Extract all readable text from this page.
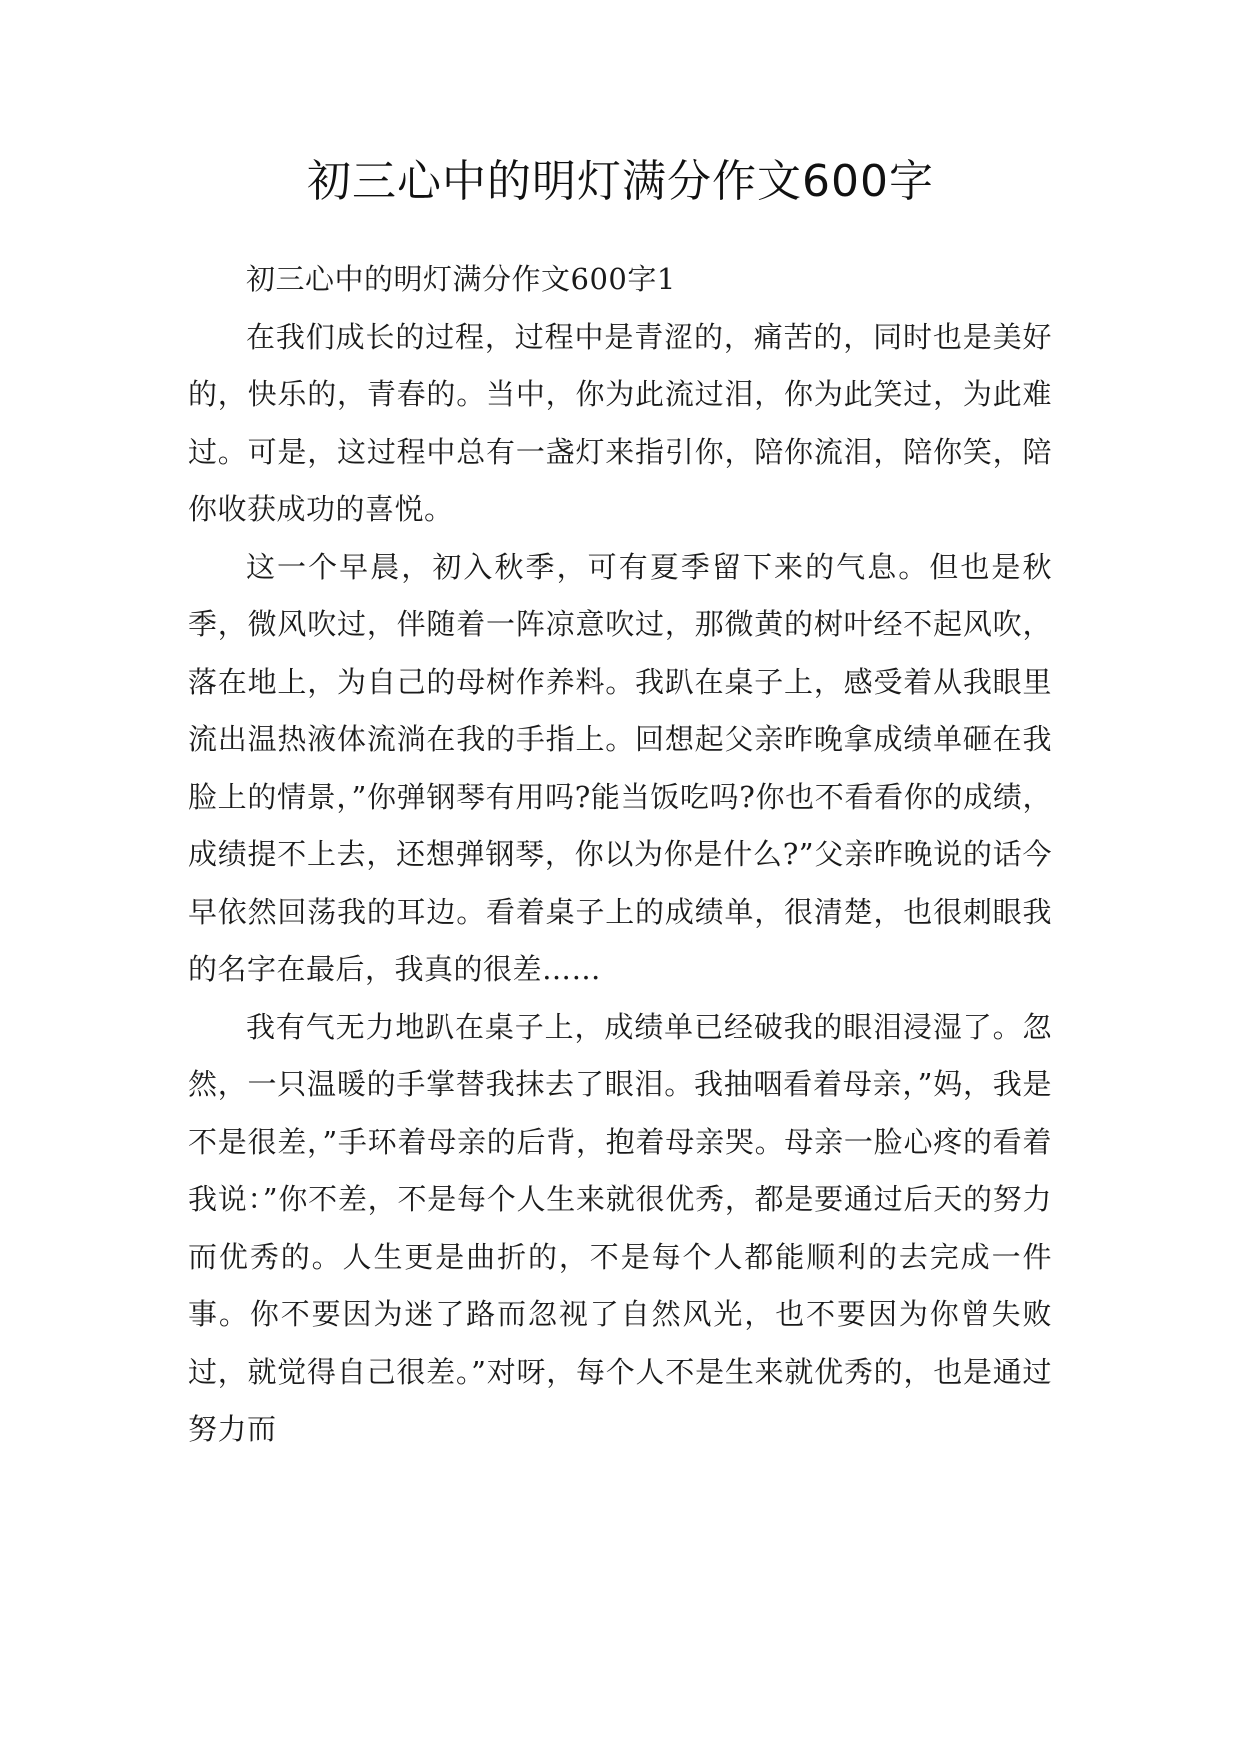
初三心中的明灯满分作文600字

初三心中的明灯满分作文600字1

在我们成长的过程，过程中是青涩的，痛苦的，同时也是美好的，快乐的，青春的。当中，你为此流过泪，你为此笑过，为此难过。可是，这过程中总有一盏灯来指引你，陪你流泪，陪你笑，陪你收获成功的喜悦。

这一个早晨，初入秋季，可有夏季留下来的气息。但也是秋季，微风吹过，伴随着一阵凉意吹过，那微黄的树叶经不起风吹，落在地上，为自己的母树作养料。我趴在桌子上，感受着从我眼里流出温热液体流淌在我的手指上。回想起父亲昨晚拿成绩单砸在我脸上的情景，”你弹钢琴有用吗?能当饭吃吗?你也不看看你的成绩，成绩提不上去，还想弹钢琴，你以为你是什么?”父亲昨晚说的话今早依然回荡我的耳边。看着桌子上的成绩单，很清楚，也很刺眼我的名字在最后，我真的很差……

我有气无力地趴在桌子上，成绩单已经破我的眼泪浸湿了。忽然，一只温暖的手掌替我抹去了眼泪。我抽咽看着母亲，”妈，我是不是很差，”手环着母亲的后背，抱着母亲哭。母亲一脸心疼的看着我说：”你不差，不是每个人生来就很优秀，都是要通过后天的努力而优秀的。人生更是曲折的，不是每个人都能顺利的去完成一件事。你不要因为迷了路而忽视了自然风光，也不要因为你曾失败过，就觉得自己很差。”对呀，每个人不是生来就优秀的，也是通过努力而
